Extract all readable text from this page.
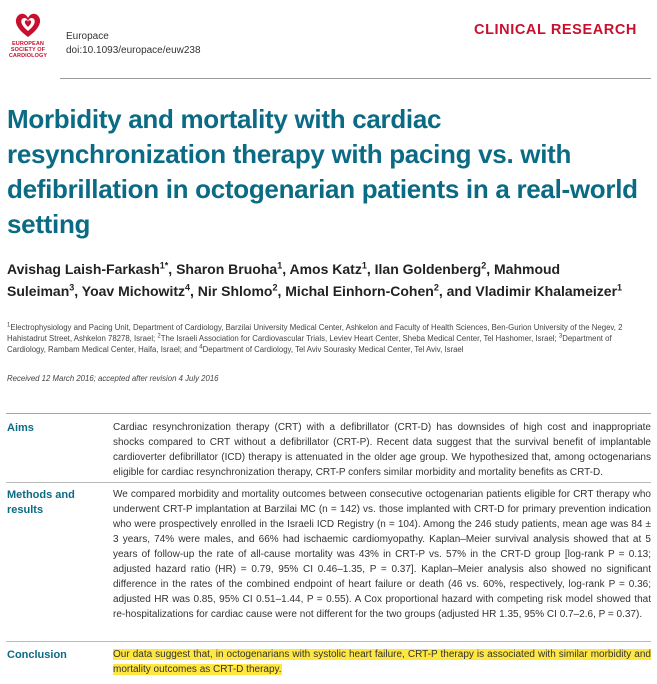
EUROPEAN SOCIETY OF CARDIOLOGY
Europace
doi:10.1093/europace/euw238
CLINICAL RESEARCH
Morbidity and mortality with cardiac resynchronization therapy with pacing vs. with defibrillation in octogenarian patients in a real-world setting
Avishag Laish-Farkash$^{1*}$, Sharon Bruoha$^1$, Amos Katz$^1$, Ilan Goldenberg$^2$, Mahmoud Suleiman$^3$, Yoav Michowitz$^4$, Nir Shlomo$^2$, Michal Einhorn-Cohen$^2$, and Vladimir Khalameizer$^1$
$^1$Electrophysiology and Pacing Unit, Department of Cardiology, Barzilai University Medical Center, Ashkelon and Faculty of Health Sciences, Ben-Gurion University of the Negev, 2 Hahistadrut Street, Ashkelon 78278, Israel; $^2$The Israeli Association for Cardiovascular Trials, Leviev Heart Center, Sheba Medical Center, Tel Hashomer, Israel; $^3$Department of Cardiology, Rambam Medical Center, Haifa, Israel; and $^4$Department of Cardiology, Tel Aviv Sourasky Medical Center, Tel Aviv, Israel
Received 12 March 2016; accepted after revision 4 July 2016
Aims	Cardiac resynchronization therapy (CRT) with a defibrillator (CRT-D) has downsides of high cost and inappropriate shocks compared to CRT without a defibrillator (CRT-P). Recent data suggest that the survival benefit of implantable cardioverter defibrillator (ICD) therapy is attenuated in the older age group. We hypothesized that, among octogenarians eligible for cardiac resynchronization therapy, CRT-P confers similar morbidity and mortality benefits as CRT-D.
Methods and
results
We compared morbidity and mortality outcomes between consecutive octogenarian patients eligible for CRT therapy who underwent CRT-P implantation at Barzilai MC (n = 142) vs. those implanted with CRT-D for primary prevention indication who were prospectively enrolled in the Israeli ICD Registry (n = 104). Among the 246 study patients, mean age was 84 ± 3 years, 74% were males, and 66% had ischaemic cardiomyopathy. Kaplan–Meier survival analysis showed that at 5 years of follow-up the rate of all-cause mortality was 43% in CRT-P vs. 57% in the CRT-D group [log-rank P = 0.13; adjusted hazard ratio (HR) = 0.79, 95% CI 0.46–1.35, P = 0.37]. Kaplan–Meier analysis also showed no significant difference in the rates of the combined endpoint of heart failure or death (46 vs. 60%, respectively, log-rank P = 0.36; adjusted HR was 0.85, 95% CI 0.51–1.44, P = 0.55). A Cox proportional hazard with competing risk model showed that re-hospitalizations for cardiac cause were not different for the two groups (adjusted HR 1.35, 95% CI 0.7–2.6, P = 0.37).
Conclusion	Our data suggest that, in octogenarians with systolic heart failure, CRT-P therapy is associated with similar morbidity and mortality outcomes as CRT-D therapy.
